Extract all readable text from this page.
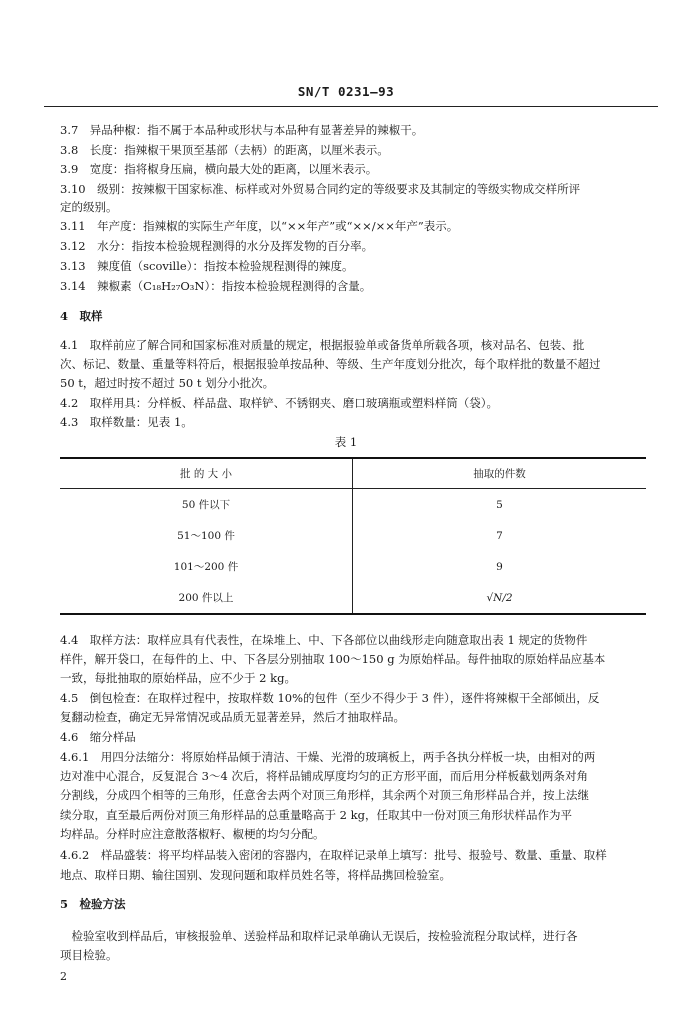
SN/T 0231—93
3.7　异品种椒：指不属于本品种或形状与本品种有显著差异的辣椒干。
3.8　长度：指辣椒干果顶至基部（去柄）的距离，以厘米表示。
3.9　宽度：指将椒身压扁，横向最大处的距离，以厘米表示。
3.10　级别：按辣椒干国家标准、标样或对外贸易合同约定的等级要求及其制定的等级实物成交样所评
定的级别。
3.11　年产度：指辣椒的实际生产年度，以“××年产”或“××/××年产”表示。
3.12　水分：指按本检验规程测得的水分及挥发物的百分率。
3.13　辣度值（scoville）：指按本检验规程测得的辣度。
3.14　辣椒素（C₁₈H₂₇O₃N）：指按本检验规程测得的含量。
4　取样
4.1　取样前应了解合同和国家标准对质量的规定，根据报验单或备货单所载各项，核对品名、包装、批
次、标记、数量、重量等料符后，根据报验单按品种、等级、生产年度划分批次，每个取样批的数量不超过
50 t，超过时按不超过 50 t 划分小批次。
4.2　取样用具：分样板、样品盘、取样铲、不锈钢夹、磨口玻璃瓶或塑料样筒（袋）。
4.3　取样数量：见表 1。
表 1
批 的 大 小	抽取的件数
50 件以下	5
51～100 件	7
101～200 件	9
200 件以上	√N/2
4.4　取样方法：取样应具有代表性，在垛堆上、中、下各部位以曲线形走向随意取出表 1 规定的货物件
样件，解开袋口，在每件的上、中、下各层分别抽取 100～150 g 为原始样品。每件抽取的原始样品应基本
一致，每批抽取的原始样品，应不少于 2 kg。
4.5　倒包检查：在取样过程中，按取样数 10%的包件（至少不得少于 3 件），逐件将辣椒干全部倾出，反
复翻动检查，确定无异常情况或品质无显著差异，然后才抽取样品。
4.6　缩分样品
4.6.1　用四分法缩分：将原始样品倾于清洁、干燥、光滑的玻璃板上，两手各执分样板一块，由相对的两
边对准中心混合，反复混合 3～4 次后，将样品铺成厚度均匀的正方形平面，而后用分样板截划两条对角
分割线，分成四个相等的三角形，任意舍去两个对顶三角形样，其余两个对顶三角形样品合并，按上法继
续分取，直至最后两份对顶三角形样品的总重量略高于 2 kg，任取其中一份对顶三角形状样品作为平
均样品。分样时应注意散落椒籽、椒梗的均匀分配。
4.6.2　样品盛装：将平均样品装入密闭的容器内，在取样记录单上填写：批号、报验号、数量、重量、取样
地点、取样日期、输往国别、发现问题和取样员姓名等，将样品携回检验室。
5　检验方法
　检验室收到样品后，审核报验单、送验样品和取样记录单确认无误后，按检验流程分取试样，进行各
项目检验。
2
